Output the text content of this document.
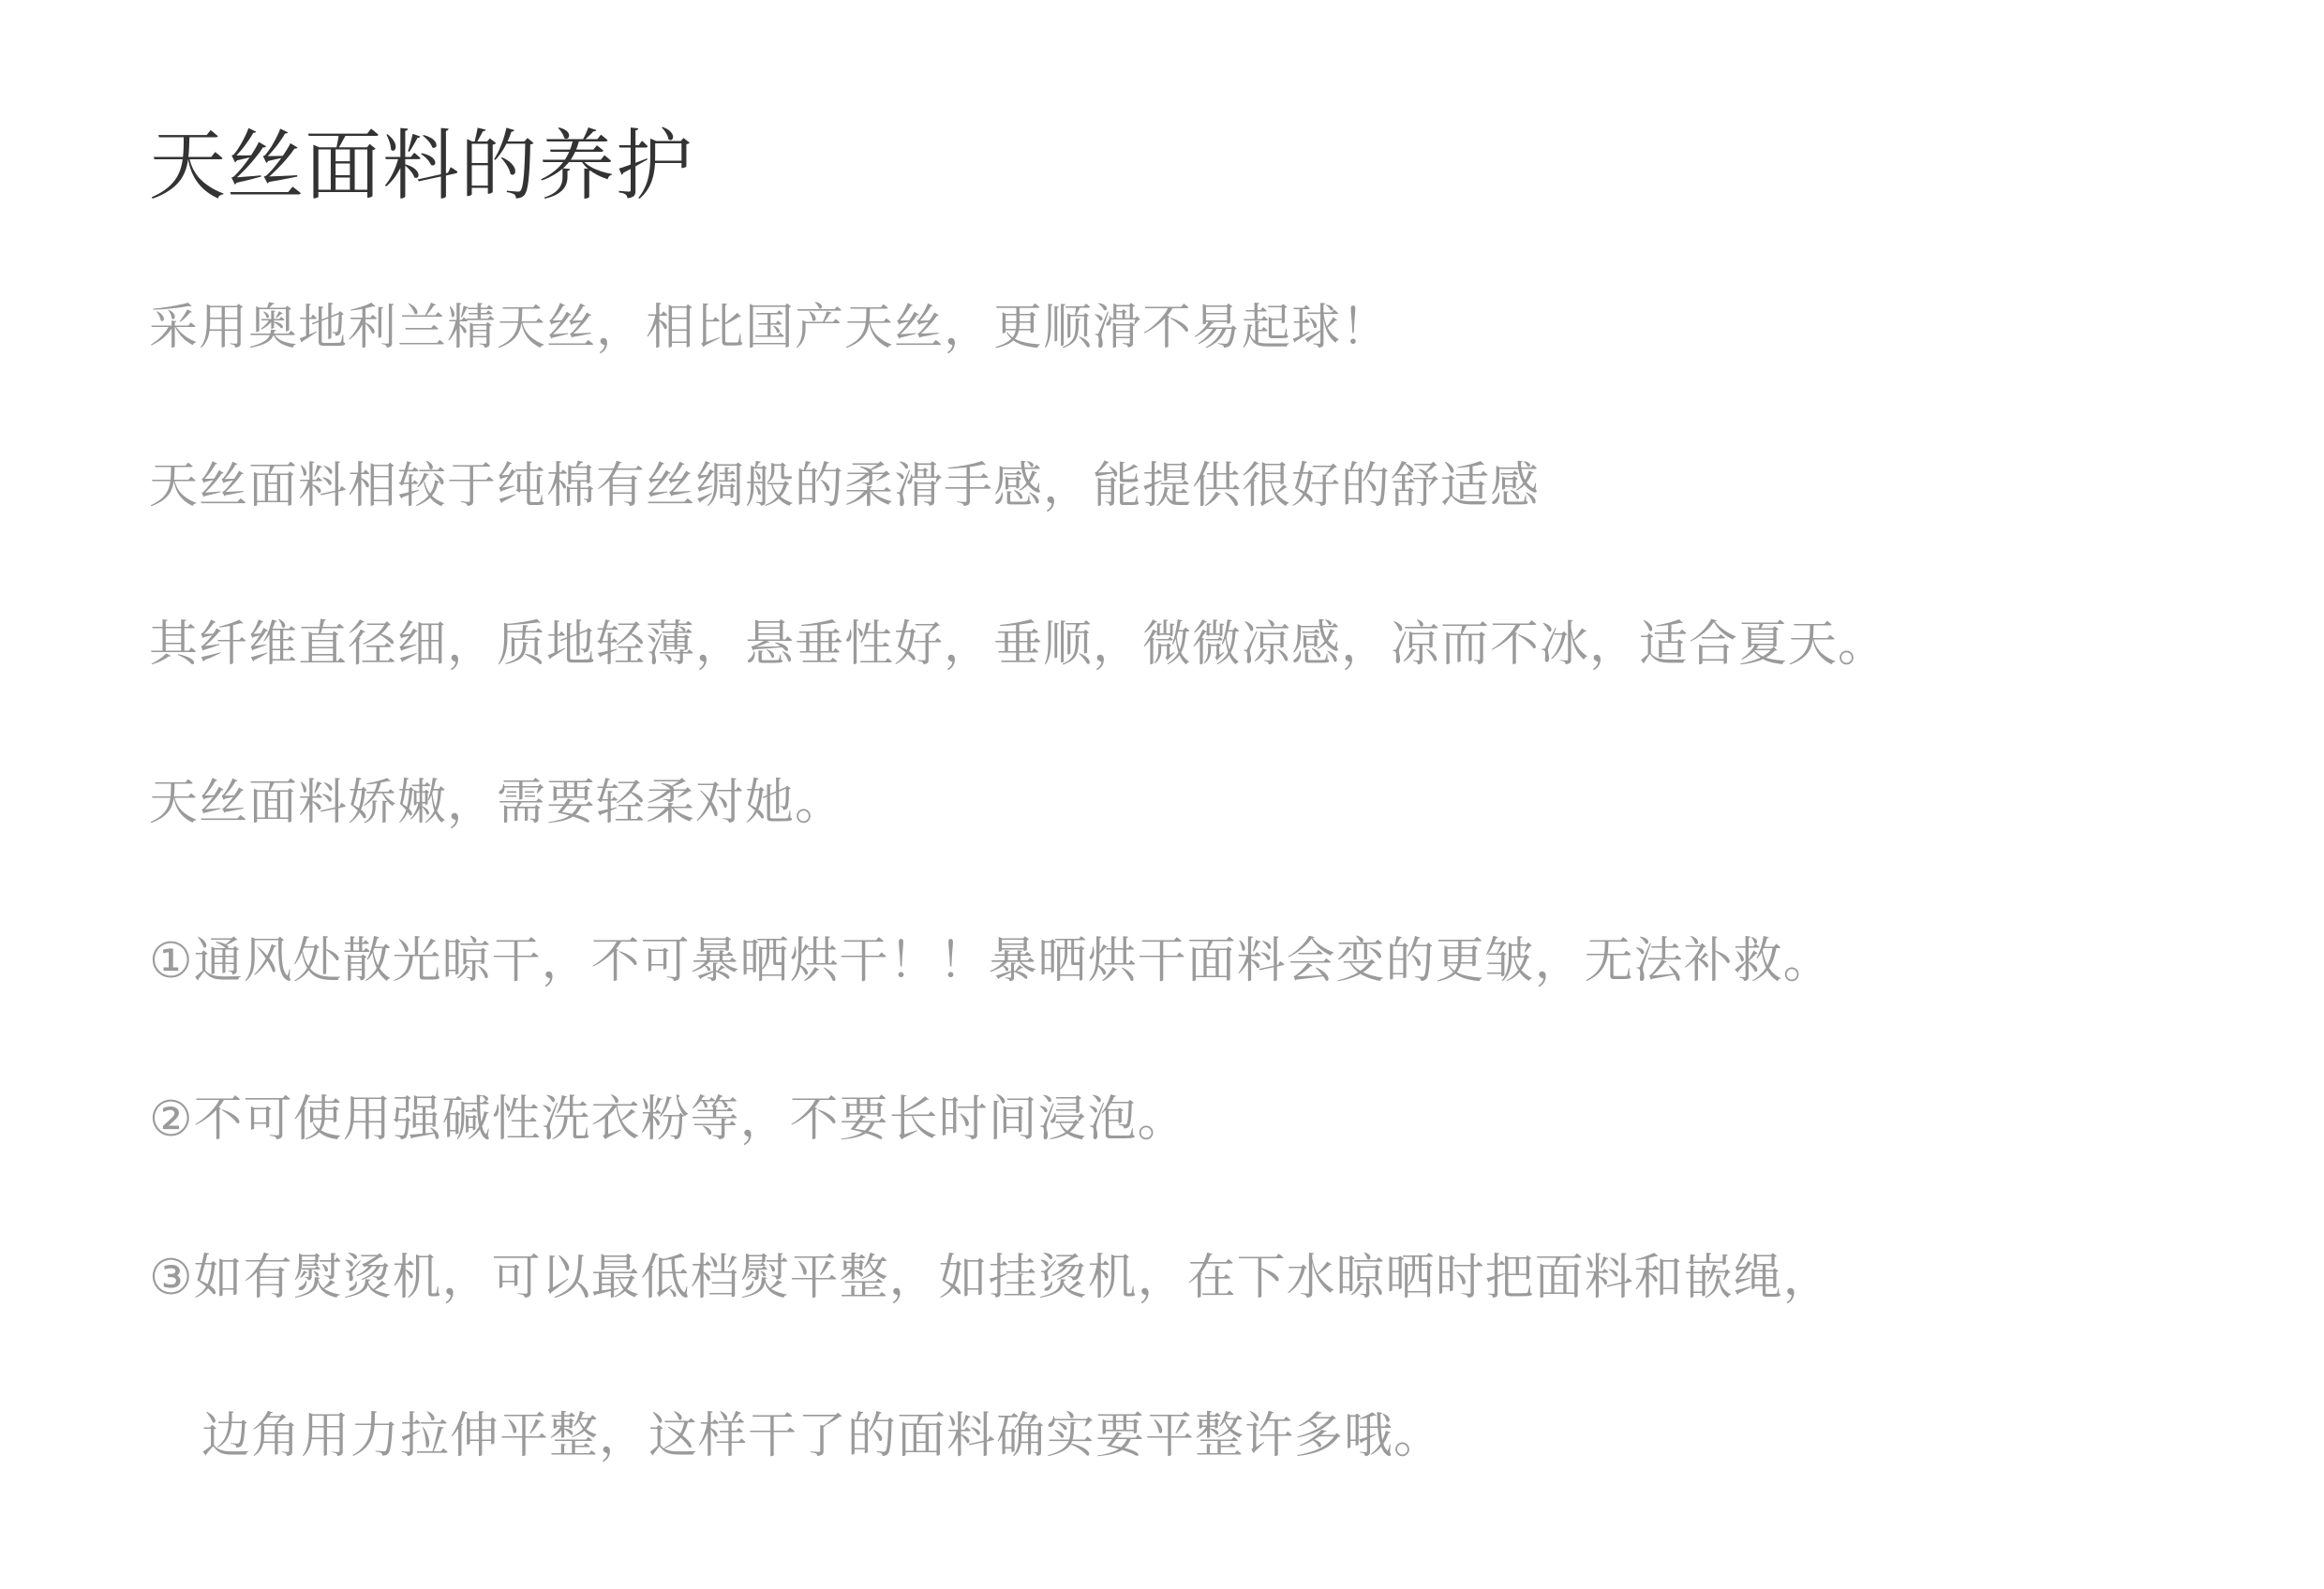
天丝面料的养护

采用奥地利兰精天丝，相比国产天丝，更顺滑不易起球！

天丝面料相较于纯棉有丝绸般的柔滑手感，能提供很好的舒适感

其纤维直径细，质地轻薄，悬垂性好，垂顺，微微凉感，凉而不冰，适合夏天。

天丝面料娇嫩，需要轻柔对她。

①通风处散光晾干，不可暴晒烘干！！暴晒烘干面料会变的更皱，无法补救。

②不可使用强碱性洗衣粉等，不要长时间浸泡。

③如有熨烫机，可以最低档熨平整，如挂烫机，在下水晾晒时把面料和嵌绳，

边角用力拉伸平整，这样干了的面料确实要平整许多哦。
